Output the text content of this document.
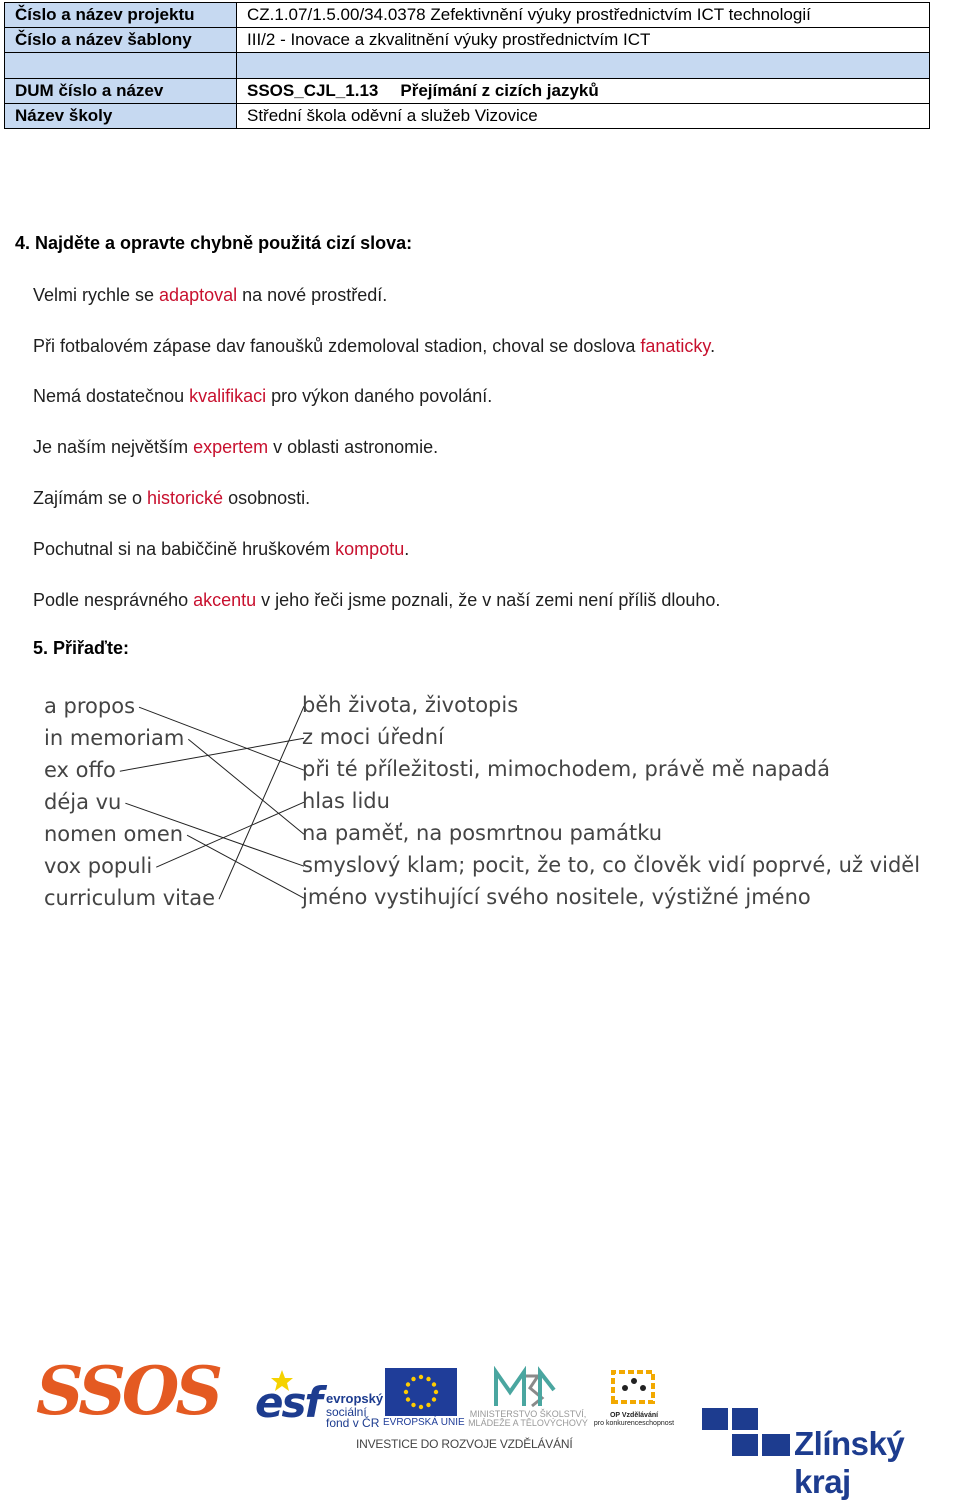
Číslo a název projektu	CZ.1.07/1.5.00/34.0378 Zefektivnění výuky prostřednictvím ICT technologií
Číslo a název šablony	III/2 - Inovace a zkvalitnění výuky prostřednictvím ICT

DUM číslo a název	SSOS_CJL_1.13 Přejímání z cizích jazyků
Název školy	Střední škola oděvní a služeb Vizovice
4. Najděte a opravte chybně použitá cizí slova:
Velmi rychle se adaptoval na nové prostředí.
Při fotbalovém zápase dav fanoušků zdemoloval stadion, choval se doslova fanaticky.
Nemá dostatečnou kvalifikaci pro výkon daného povolání.
Je naším největším expertem v oblasti astronomie.
Zajímám se o historické osobnosti.
Pochutnal si na babiččině hruškovém kompotu.
Podle nesprávného akcentu v jeho řeči jsme poznali, že v naší zemi není příliš dlouho.
5. Přiřaďte:
a propos
in memoriam
ex offo
déja vu
nomen omen
vox populi
curriculum vitae
běh života, životopis
z moci úřední
při té příležitosti, mimochodem, právě mě napadá
hlas lidu
na paměť, na posmrtnou památku
smyslový klam; pocit, že to, co člověk vidí poprvé, už viděl
jméno vystihující svého nositele, výstižné jméno
SSOS esf evropský
sociální
fond v ČR EVROPSKÁ UNIE
MINISTERSTVO ŠKOLSTVÍ,
MLÁDEŽE A TĚLOVÝCHOVY
OP Vzdělávání
pro konkurenceschopnost
INVESTICE DO ROZVOJE VZDĚLÁVÁNÍ	Zlínský kraj
